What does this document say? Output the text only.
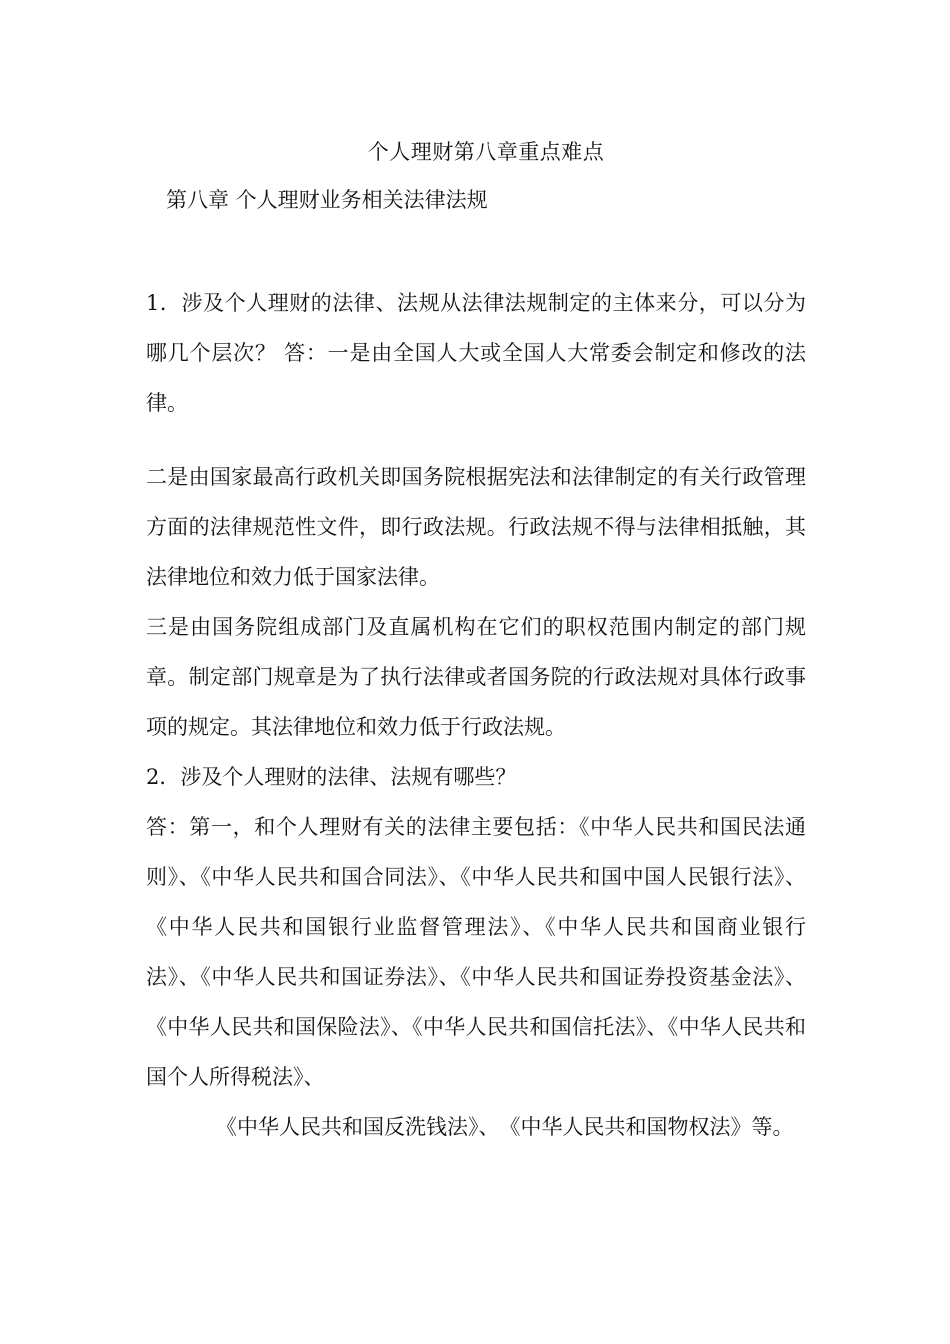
个人理财第八章重点难点
第八章 个人理财业务相关法律法规

1．涉及个人理财的法律、法规从法律法规制定的主体来分，可以分为哪几个层次？ 答：一是由全国人大或全国人大常委会制定和修改的法律。

二是由国家最高行政机关即国务院根据宪法和法律制定的有关行政管理方面的法律规范性文件，即行政法规。行政法规不得与法律相抵触，其法律地位和效力低于国家法律。

三是由国务院组成部门及直属机构在它们的职权范围内制定的部门规章。制定部门规章是为了执行法律或者国务院的行政法规对具体行政事项的规定。其法律地位和效力低于行政法规。

2．涉及个人理财的法律、法规有哪些？

答：第一，和个人理财有关的法律主要包括：《中华人民共和国民法通则》、《中华人民共和国合同法》、《中华人民共和国中国人民银行法》、《中华人民共和国银行业监督管理法》、《中华人民共和国商业银行法》、《中华人民共和国证券法》、《中华人民共和国证券投资基金法》、《中华人民共和国保险法》、《中华人民共和国信托法》、《中华人民共和国个人所得税法》、

《中华人民共和国反洗钱法》、　《中华人民共和国物权法》等。
